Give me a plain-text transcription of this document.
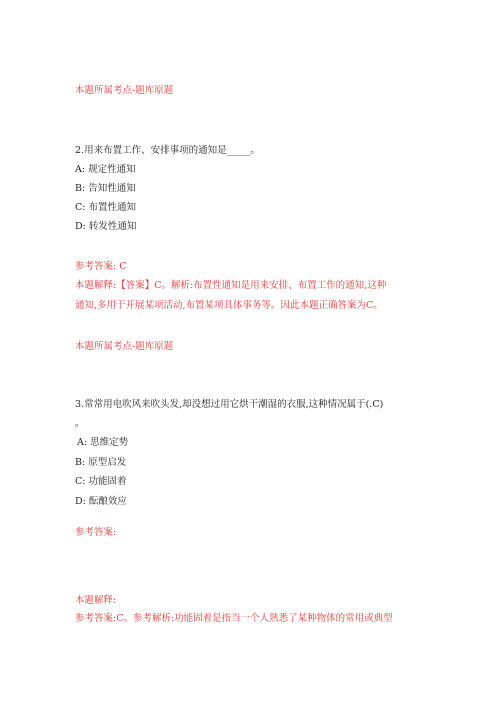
本题所属考点-题库原题
2.用来布置工作、安排事项的通知是_____。
A: 规定性通知
B: 告知性通知
C: 布置性通知
D: 转发性通知
参考答案: C
本题解释:【答案】C。解析:布置性通知是用来安排、布置工作的通知,这种
通知,多用于开展某项活动,布置某项具体事务等。因此本题正确答案为C。
本题所属考点-题库原题
3.常常用电吹风来吹头发,却没想过用它烘干潮湿的衣服,这种情况属于(.C)
。
A: 思维定势
B: 原型启发
C: 功能固着
D: 酝酿效应
参考答案:
本题解释:
参考答案:C。参考解析:功能固着是指当一个人熟悉了某种物体的常用或典型
